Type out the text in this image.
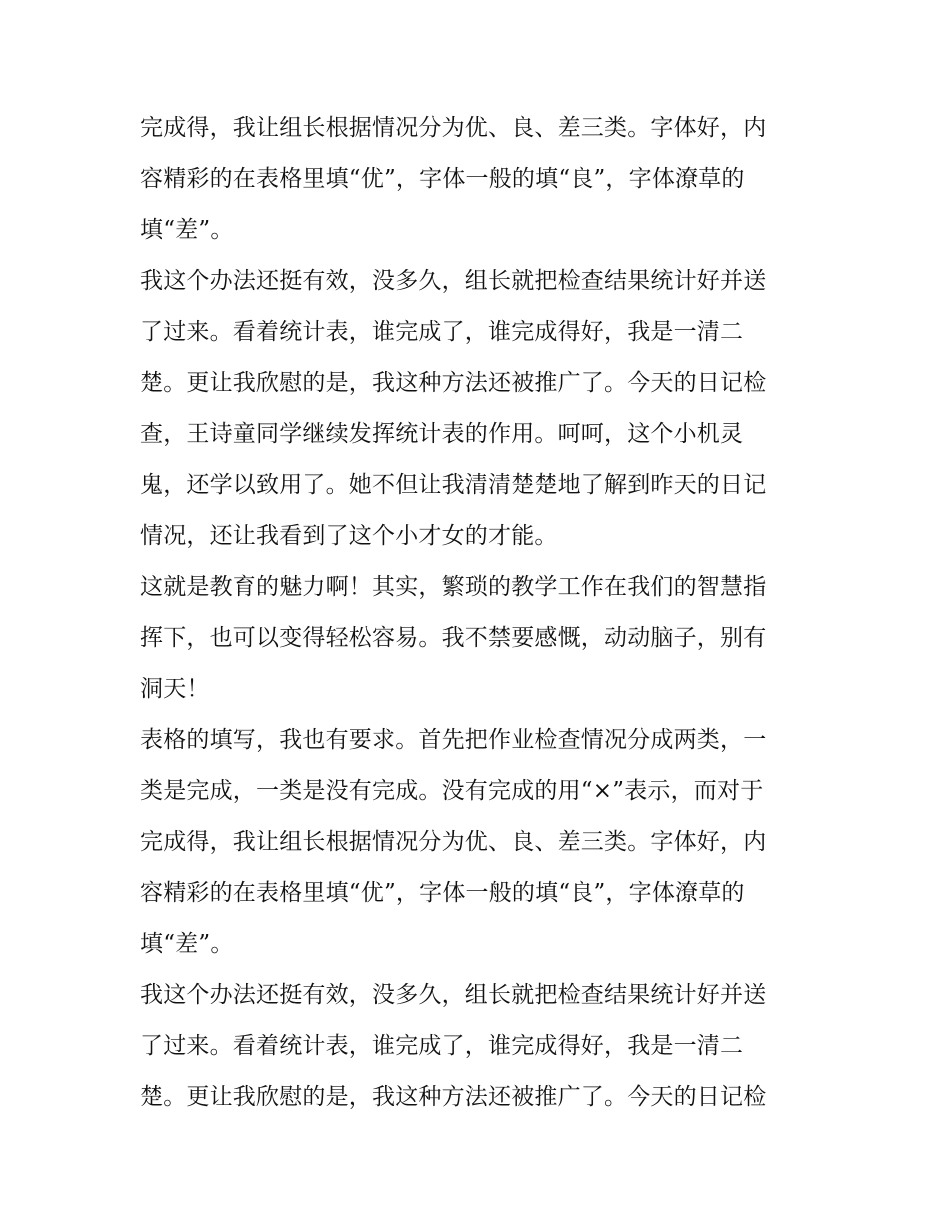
完成得，我让组长根据情况分为优、良、差三类。字体好，内
容精彩的在表格里填“优”，字体一般的填“良”，字体潦草的
填“差”。
我这个办法还挺有效，没多久，组长就把检查结果统计好并送
了过来。看着统计表，谁完成了，谁完成得好，我是一清二
楚。更让我欣慰的是，我这种方法还被推广了。今天的日记检
查，王诗童同学继续发挥统计表的作用。呵呵，这个小机灵
鬼，还学以致用了。她不但让我清清楚楚地了解到昨天的日记
情况，还让我看到了这个小才女的才能。
这就是教育的魅力啊！其实，繁琐的教学工作在我们的智慧指
挥下，也可以变得轻松容易。我不禁要感慨，动动脑子，别有
洞天！
表格的填写，我也有要求。首先把作业检查情况分成两类，一
类是完成，一类是没有完成。没有完成的用“×”表示，而对于
完成得，我让组长根据情况分为优、良、差三类。字体好，内
容精彩的在表格里填“优”，字体一般的填“良”，字体潦草的
填“差”。
我这个办法还挺有效，没多久，组长就把检查结果统计好并送
了过来。看着统计表，谁完成了，谁完成得好，我是一清二
楚。更让我欣慰的是，我这种方法还被推广了。今天的日记检
